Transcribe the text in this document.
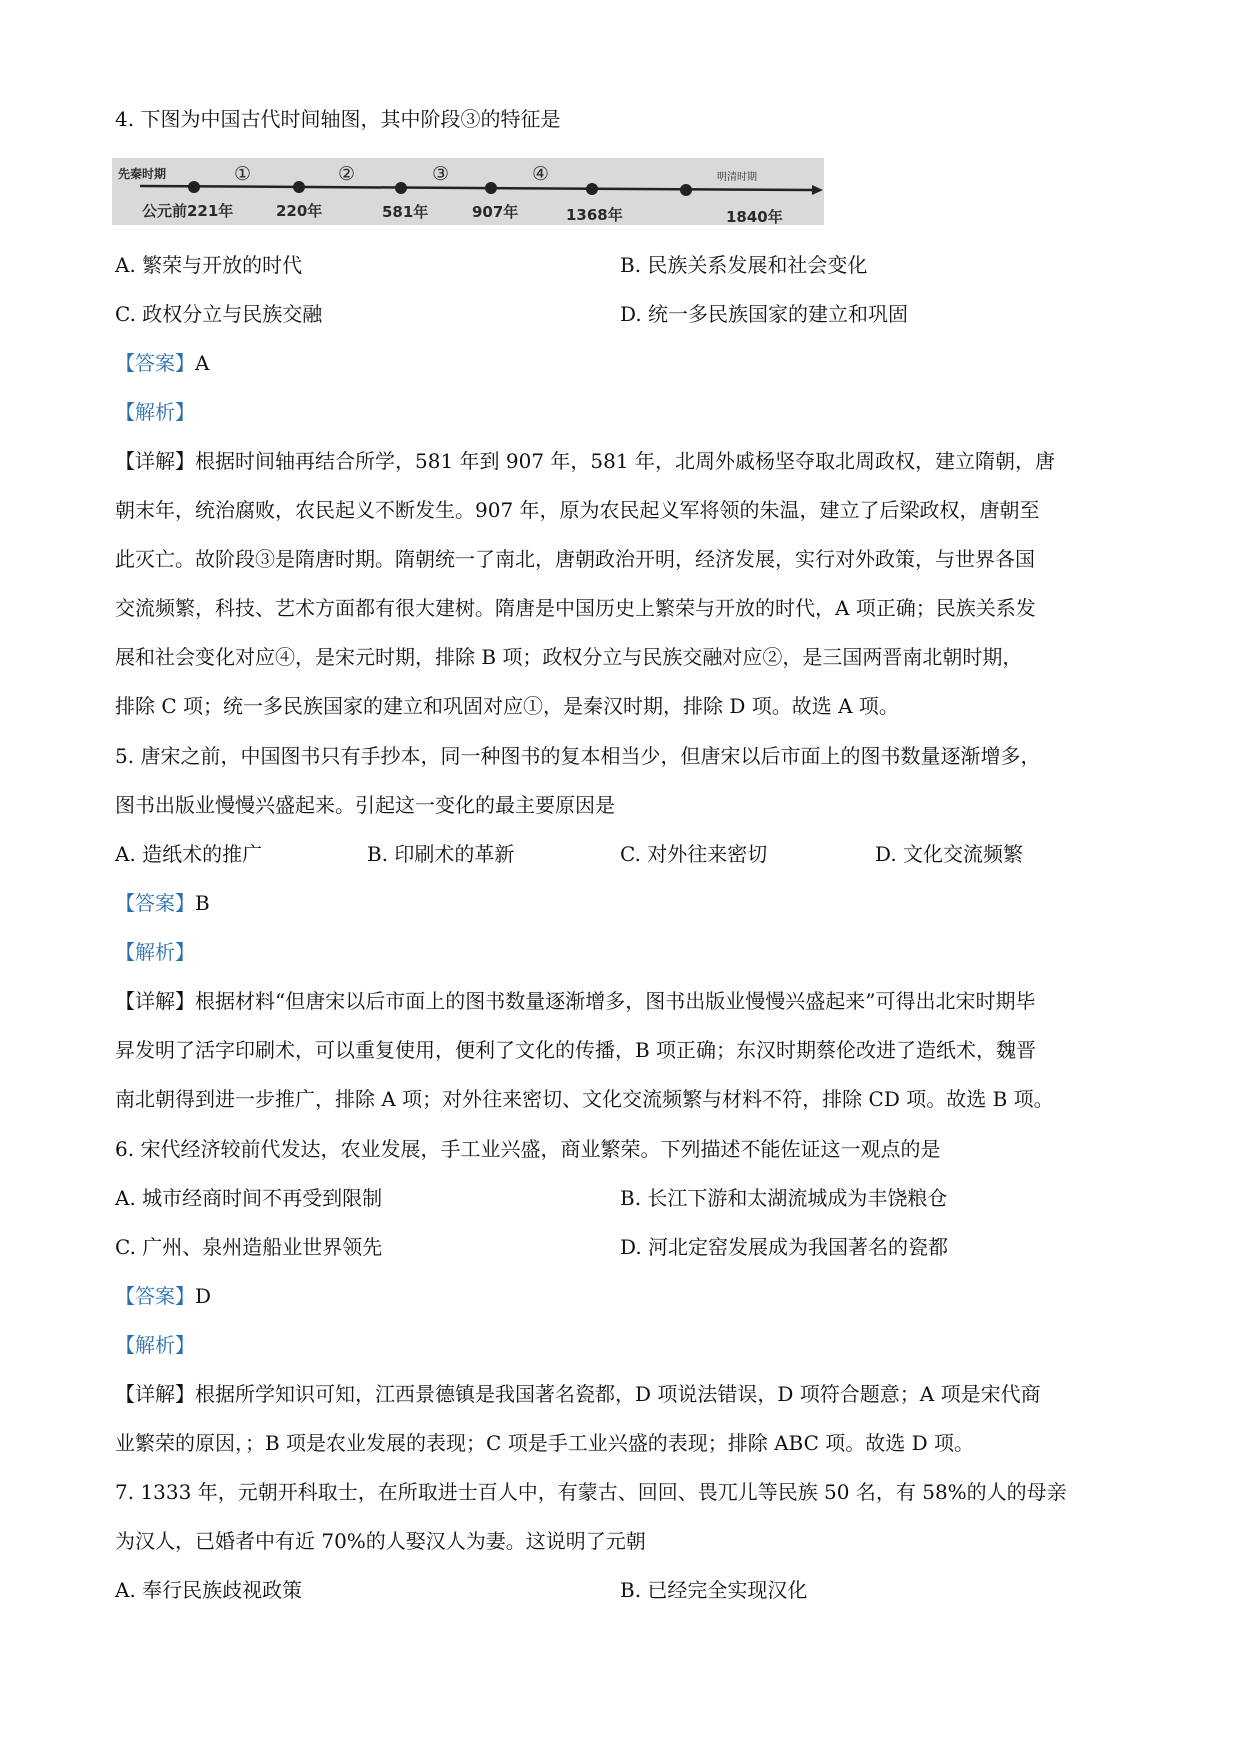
4. 下图为中国古代时间轴图，其中阶段③的特征是
先秦时期	明清时期
①	②	③	④
公元前221年	220年	581年	907年	1368年	1840年
A. 繁荣与开放的时代	B. 民族关系发展和社会变化
C. 政权分立与民族交融	D. 统一多民族国家的建立和巩固
【答案】A
【解析】
【详解】根据时间轴再结合所学，581 年到 907 年，581 年，北周外戚杨坚夺取北周政权，建立隋朝，唐
朝末年，统治腐败，农民起义不断发生。907 年，原为农民起义军将领的朱温，建立了后梁政权，唐朝至
此灭亡。故阶段③是隋唐时期。隋朝统一了南北，唐朝政治开明，经济发展，实行对外政策，与世界各国
交流频繁，科技、艺术方面都有很大建树。隋唐是中国历史上繁荣与开放的时代，A 项正确；民族关系发
展和社会变化对应④，是宋元时期，排除 B 项；政权分立与民族交融对应②，是三国两晋南北朝时期，
排除 C 项；统一多民族国家的建立和巩固对应①，是秦汉时期，排除 D 项。故选 A 项。
5. 唐宋之前，中国图书只有手抄本，同一种图书的复本相当少，但唐宋以后市面上的图书数量逐渐增多，
图书出版业慢慢兴盛起来。引起这一变化的最主要原因是
A. 造纸术的推广	B. 印刷术的革新	C. 对外往来密切	D. 文化交流频繁
【答案】B
【解析】
【详解】根据材料“但唐宋以后市面上的图书数量逐渐增多，图书出版业慢慢兴盛起来”可得出北宋时期毕
昇发明了活字印刷术，可以重复使用，便利了文化的传播，B 项正确；东汉时期蔡伦改进了造纸术，魏晋
南北朝得到进一步推广，排除 A 项；对外往来密切、文化交流频繁与材料不符，排除 CD 项。故选 B 项。
6. 宋代经济较前代发达，农业发展，手工业兴盛，商业繁荣。下列描述不能佐证这一观点的是
A. 城市经商时间不再受到限制	B. 长江下游和太湖流城成为丰饶粮仓
C. 广州、泉州造船业世界领先	D. 河北定窑发展成为我国著名的瓷都
【答案】D
【解析】
【详解】根据所学知识可知，江西景德镇是我国著名瓷都，D 项说法错误，D 项符合题意；A 项是宋代商
业繁荣的原因，；B 项是农业发展的表现；C 项是手工业兴盛的表现；排除 ABC 项。故选 D 项。
7. 1333 年，元朝开科取士，在所取进士百人中，有蒙古、回回、畏兀儿等民族 50 名，有 58%的人的母亲
为汉人，已婚者中有近 70%的人娶汉人为妻。这说明了元朝
A. 奉行民族歧视政策	B. 已经完全实现汉化
